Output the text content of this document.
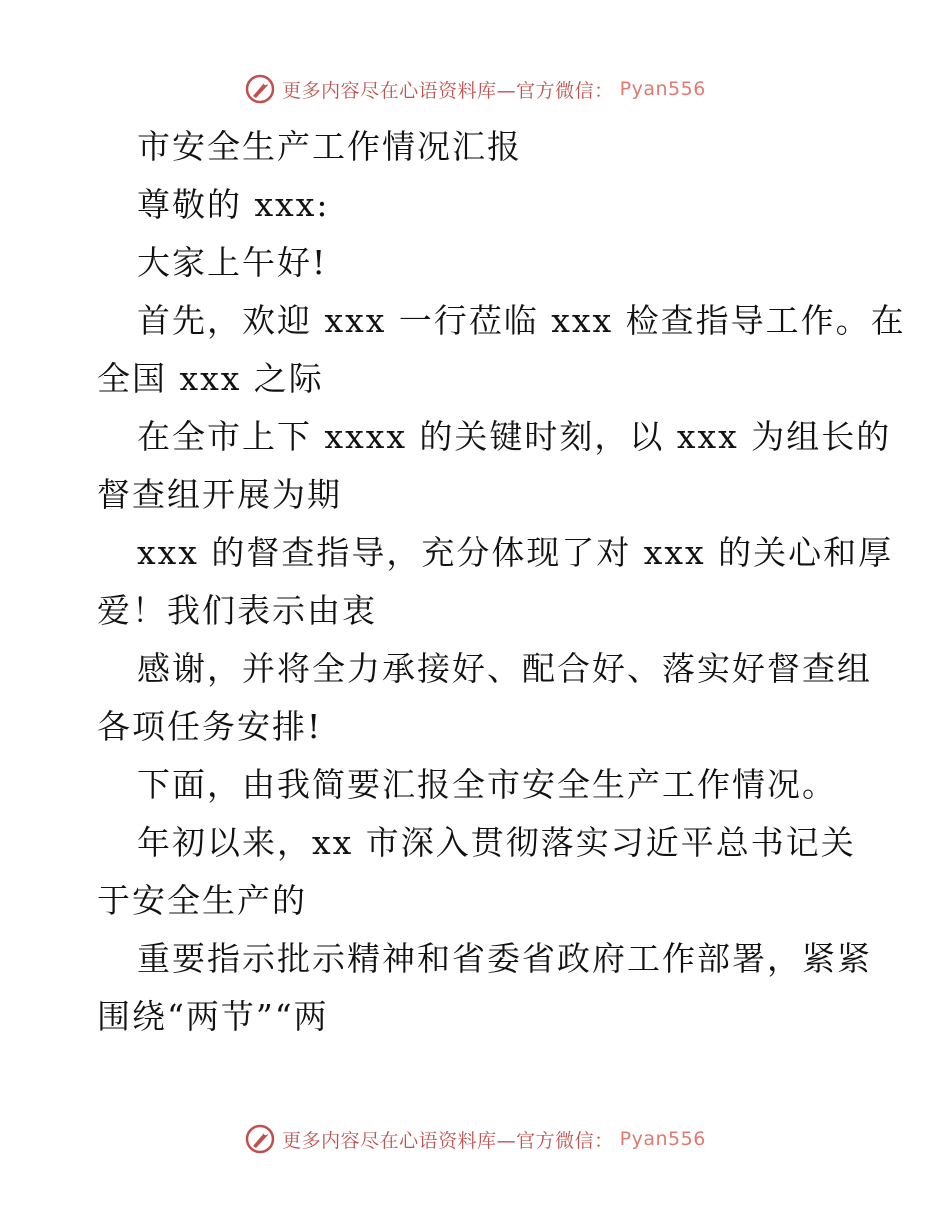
更多内容尽在心语资料库—官方微信： Pyan556
市安全生产工作情况汇报
尊敬的 xxx:
大家上午好!
首先，欢迎 xxx 一行莅临 xxx 检查指导工作。在
全国 xxx 之际
在全市上下 xxxx 的关键时刻，以 xxx 为组长的
督查组开展为期
xxx 的督查指导，充分体现了对 xxx 的关心和厚
爱！我们表示由衷
感谢，并将全力承接好、配合好、落实好督查组
各项任务安排!
下面，由我简要汇报全市安全生产工作情况。
年初以来，xx 市深入贯彻落实习近平总书记关
于安全生产的
重要指示批示精神和省委省政府工作部署，紧紧
围绕“两节”“两
更多内容尽在心语资料库—官方微信： Pyan556
